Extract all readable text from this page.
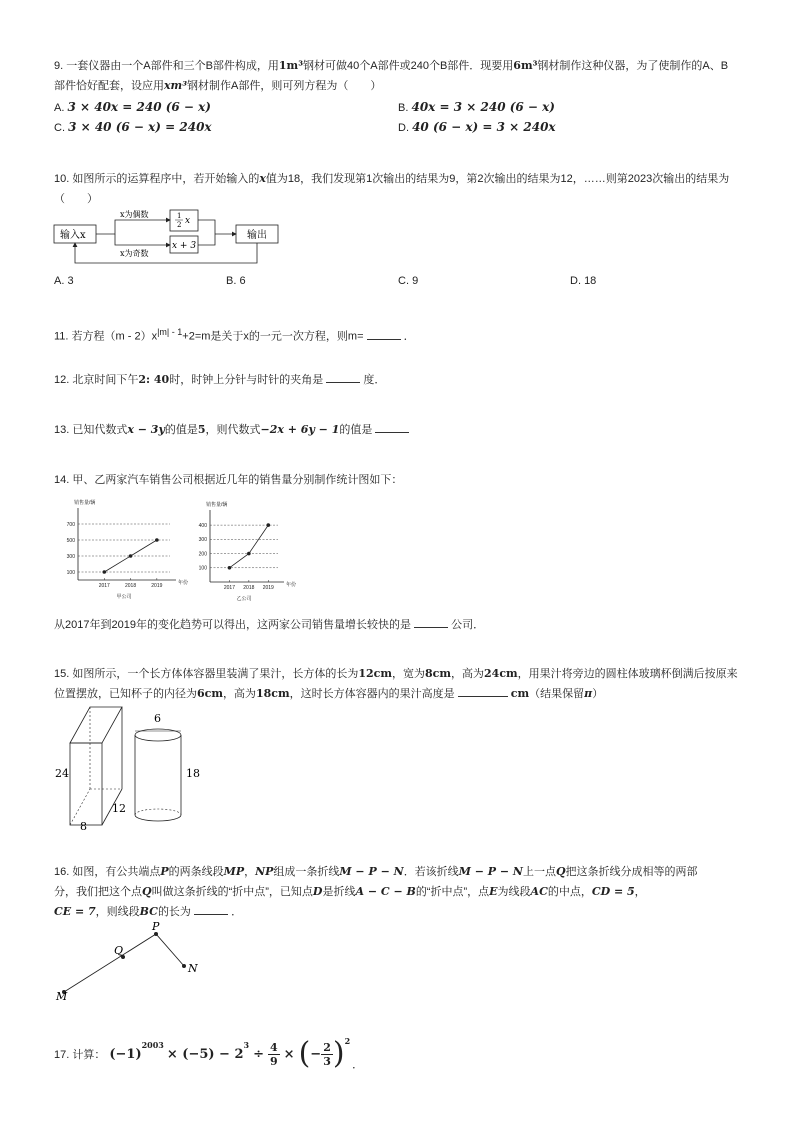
9. 一套仪器由一个A部件和三个B部件构成，用1m³钢材可做40个A部件或240个B部件．现要用6m³钢材制作这种仪器，为了使制作的A、B
部件恰好配套，设应用xm³钢材制作A部件，则可列方程为（　　）
A. 3 × 40x = 240 (6 − x)	B. 40x = 3 × 240 (6 − x)
C. 3 × 40 (6 − x) = 240x	D. 40 (6 − x) = 3 × 240x
10. 如图所示的运算程序中，若开始输入的x值为18，我们发现第1次输出的结果为9，第2次输出的结果为12，……则第2023次输出的结果为
（　　）
输入x
1
2 x
x + 3
输出
x为偶数
x为奇数
A. 3	B. 6	C. 9	D. 18
11. 若方程$(m - 2)x^{|m| - 1}+2=m$是关于x的一元一次方程，则m=	．
12. 北京时间下午2: 40时，时钟上分针与时针的夹角是	度．
13. 已知代数式x − 3y的值是5，则代数式−2x + 6y − 1的值是
14. 甲、乙两家汽车销售公司根据近几年的销售量分别制作统计图如下：
销售量/辆
年份
100
300
500
700
2017	2018	2019
甲公司
销售量/辆
年份
100
200
300
400
2017 2018 2019
乙公司
从2017年到2019年的变化趋势可以得出，这两家公司销售量增长较快的是	公司．
15. 如图所示，一个长方体体容器里装满了果汁，长方体的长为12cm，宽为8cm，高为24cm，用果汁将旁边的圆柱体玻璃杯倒满后按原来
位置摆放，已知杯子的内径为6cm，高为18cm，这时长方体容器内的果汁高度是	cm（结果保留π）
24
8
12
6
18
16. 如图，有公共端点P的两条线段MP，NP组成一条折线M − P − N．若该折线M − P − N上一点Q把这条折线分成相等的两部
分，我们把这个点Q叫做这条折线的“折中点”，已知点D是折线A − C − B的“折中点”，点E为线段AC的中点，CD = 5，
CE = 7，则线段BC的长为	．
M
Q
P
N
17. 计算： (−1)
$^{2003}$
× (−5) − 2
$^3$
÷ $\frac{4}{9}$ × ( − $\frac{2}{3} )^2$
．
